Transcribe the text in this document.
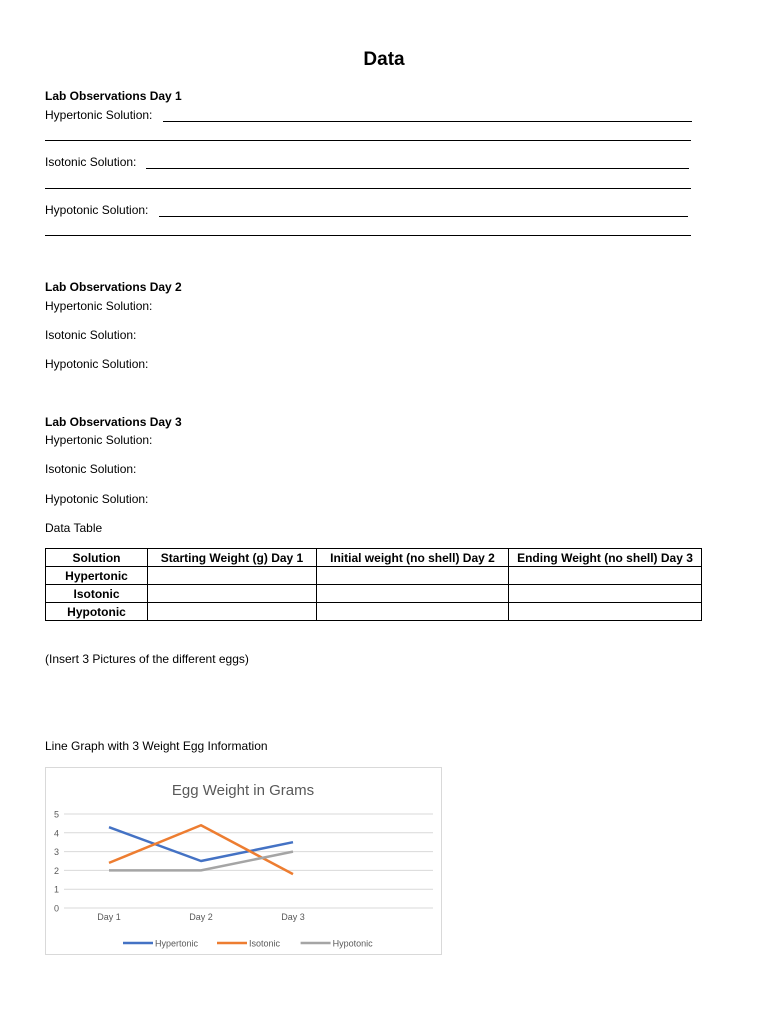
Data
Lab Observations Day 1
Hypertonic Solution:
Isotonic Solution:
Hypotonic Solution:
Lab Observations Day 2
Hypertonic Solution:
Isotonic Solution:
Hypotonic Solution:
Lab Observations Day 3
Hypertonic Solution:
Isotonic Solution:
Hypotonic Solution:
Data Table
Solution	Starting Weight (g) Day 1	Initial weight (no shell) Day 2	Ending Weight (no shell) Day 3
Hypertonic			
Isotonic			
Hypotonic			
(Insert 3 Pictures of the different eggs)
Line Graph with 3 Weight Egg Information
Egg Weight in Grams
0
1
2
3
4
5
Day 1	Day 2	Day 3
Hypertonic	Isotonic	Hypotonic
